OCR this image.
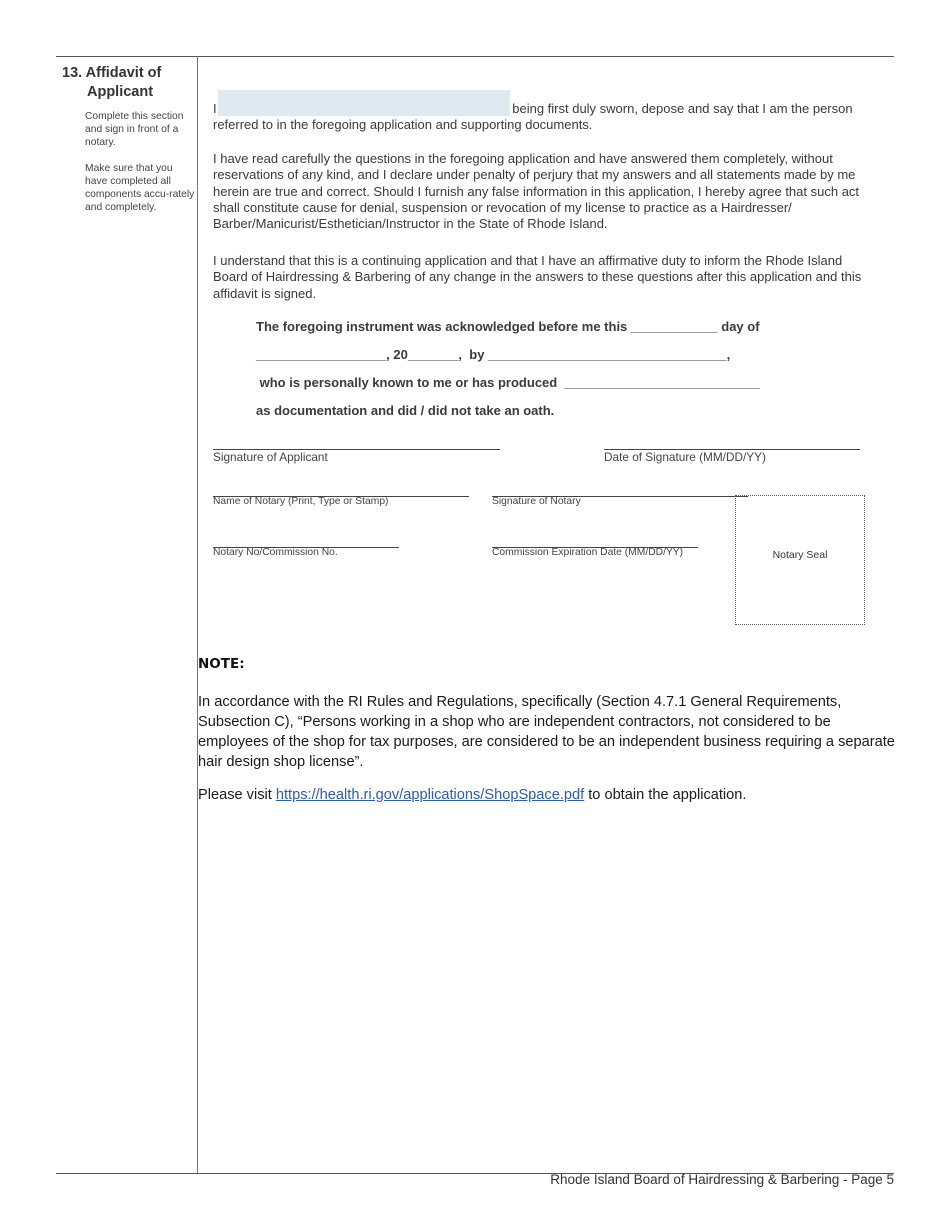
13. Affidavit of
Applicant
Complete this section and sign in front of a notary.
Make sure that you have completed all components accu-rately and completely.
I	being first duly sworn, depose and say that I am the person referred to in the foregoing application and supporting documents.
I have read carefully the questions in the foregoing application and have answered them completely, without reservations of any kind, and I declare under penalty of perjury that my answers and all statements made by me herein are true and correct. Should I furnish any false information in this application, I hereby agree that such act shall constitute cause for denial, suspension or revocation of my license to practice as a Hairdresser/ Barber/Manicurist/Esthetician/Instructor in the State of Rhode Island.
I understand that this is a continuing application and that I have an affirmative duty to inform the Rhode Island Board of Hairdressing & Barbering of any change in the answers to these questions after this application and this affidavit is signed.
The foregoing instrument was acknowledged before me this ____________ day of
__________________, 20_______,  by _________________________________,
who is personally known to me or has produced  ___________________________
as documentation and did / did not take an oath.
Signature of Applicant	Date of Signature (MM/DD/YY)
Name of Notary (Print, Type or Stamp)	Signature of Notary
Notary No/Commission No.	Commission Expiration Date (MM/DD/YY)	Notary Seal
NOTE:
In accordance with the RI Rules and Regulations, specifically (Section 4.7.1 General Requirements, Subsection C), “Persons working in a shop who are independent contractors, not considered to be employees of the shop for tax purposes, are considered to be an independent business requiring a separate hair design shop license”.
Please visit https://health.ri.gov/applications/ShopSpace.pdf to obtain the application.
Rhode Island Board of Hairdressing & Barbering - Page 5
